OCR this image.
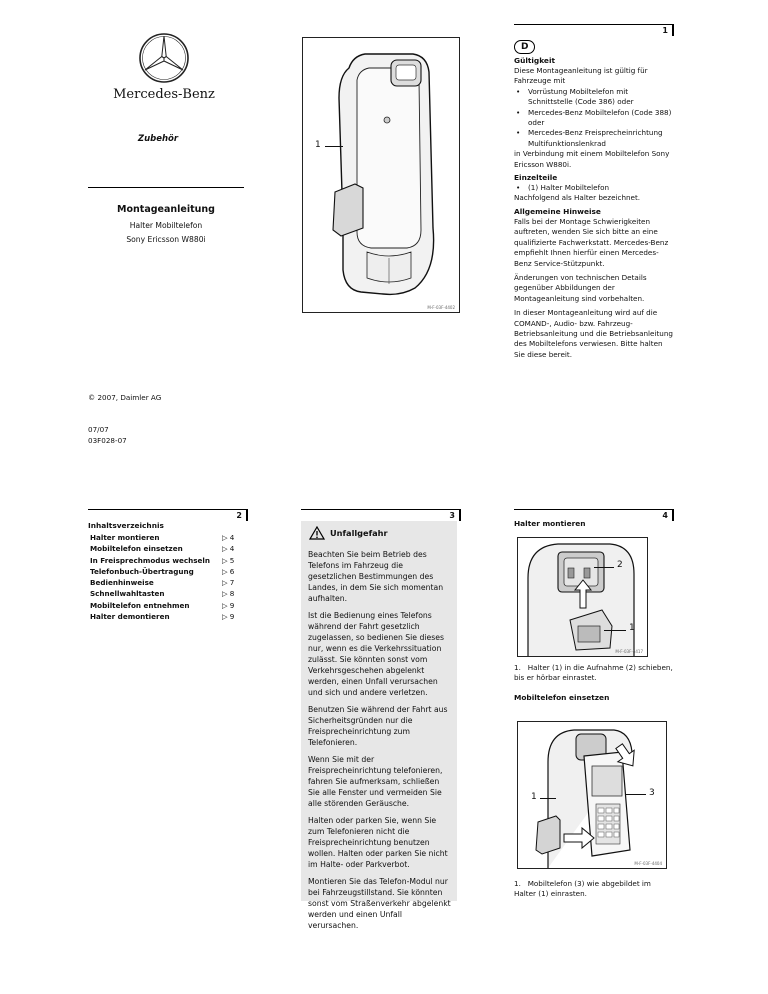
Mercedes-Benz
Zubehör
Montageanleitung
Halter Mobiltelefon
Sony Ericsson W880i
© 2007, Daimler AG
07/07
03F028-07
1
M-F-03F-4402
1
D
Gültigkeit
Diese Montageanleitung ist gültig für Fahrzeuge mit
• Vorrüstung Mobiltelefon mit Schnittstelle (Code 386) oder
• Mercedes-Benz Mobiltelefon (Code 388) oder
• Mercedes-Benz Freisprecheinrichtung Multifunktionslenkrad
in Verbindung mit einem Mobiltelefon Sony Ericsson W880i.
Einzelteile
• (1) Halter Mobiltelefon
Nachfolgend als Halter bezeichnet.
Allgemeine Hinweise

Falls bei der Montage Schwierigkeiten auftreten, wenden Sie sich bitte an eine qualifizierte Fachwerkstatt. Mercedes-Benz empfiehlt Ihnen hierfür einen Mercedes-Benz Service-Stützpunkt.

Änderungen von technischen Details gegenüber Abbildungen der Montageanleitung sind vorbehalten.

In dieser Montageanleitung wird auf die COMAND-, Audio- bzw. Fahrzeug-Betriebsanleitung und die Betriebsanleitung des Mobiltelefons verwiesen. Bitte halten Sie diese bereit.

2
Inhaltsverzeichnis
Halter montieren	▷ 4
Mobiltelefon einsetzen	▷ 4
In Freisprechmodus wechseln ▷ 5
Telefonbuch-Übertragung	▷ 6
Bedienhinweise	▷ 7
Schnellwahltasten	▷ 8
Mobiltelefon entnehmen	▷ 9
Halter demontieren	▷ 9
3
Unfallgefahr

Beachten Sie beim Betrieb des Telefons im Fahrzeug die gesetzlichen Bestimmungen des Landes, in dem Sie sich momentan aufhalten.

Ist die Bedienung eines Telefons während der Fahrt gesetzlich zugelassen, so bedienen Sie dieses nur, wenn es die Verkehrssituation zulässt. Sie könnten sonst vom Verkehrsgeschehen abgelenkt werden, einen Unfall verursachen und sich und andere verletzen.

Benutzen Sie während der Fahrt aus Sicherheitsgründen nur die Freisprecheinrichtung zum Telefonieren.

Wenn Sie mit der Freisprecheinrichtung telefonieren, fahren Sie aufmerksam, schließen Sie alle Fenster und vermeiden Sie alle störenden Geräusche.

Halten oder parken Sie, wenn Sie zum Telefonieren nicht die Freisprecheinrichtung benutzen wollen. Halten oder parken Sie nicht im Halte- oder Parkverbot.

Montieren Sie das Telefon-Modul nur bei Fahrzeugstillstand. Sie könnten sonst vom Straßenverkehr abgelenkt werden und einen Unfall verursachen.

4
Halter montieren
2
1
M-F-03F-4417
1.   Halter (1) in die Aufnahme (2) schieben, bis er hörbar einrastet.
Mobiltelefon einsetzen
1	3
M-F-03F-4404
1.   Mobiltelefon (3) wie abgebildet im Halter (1) einrasten.
